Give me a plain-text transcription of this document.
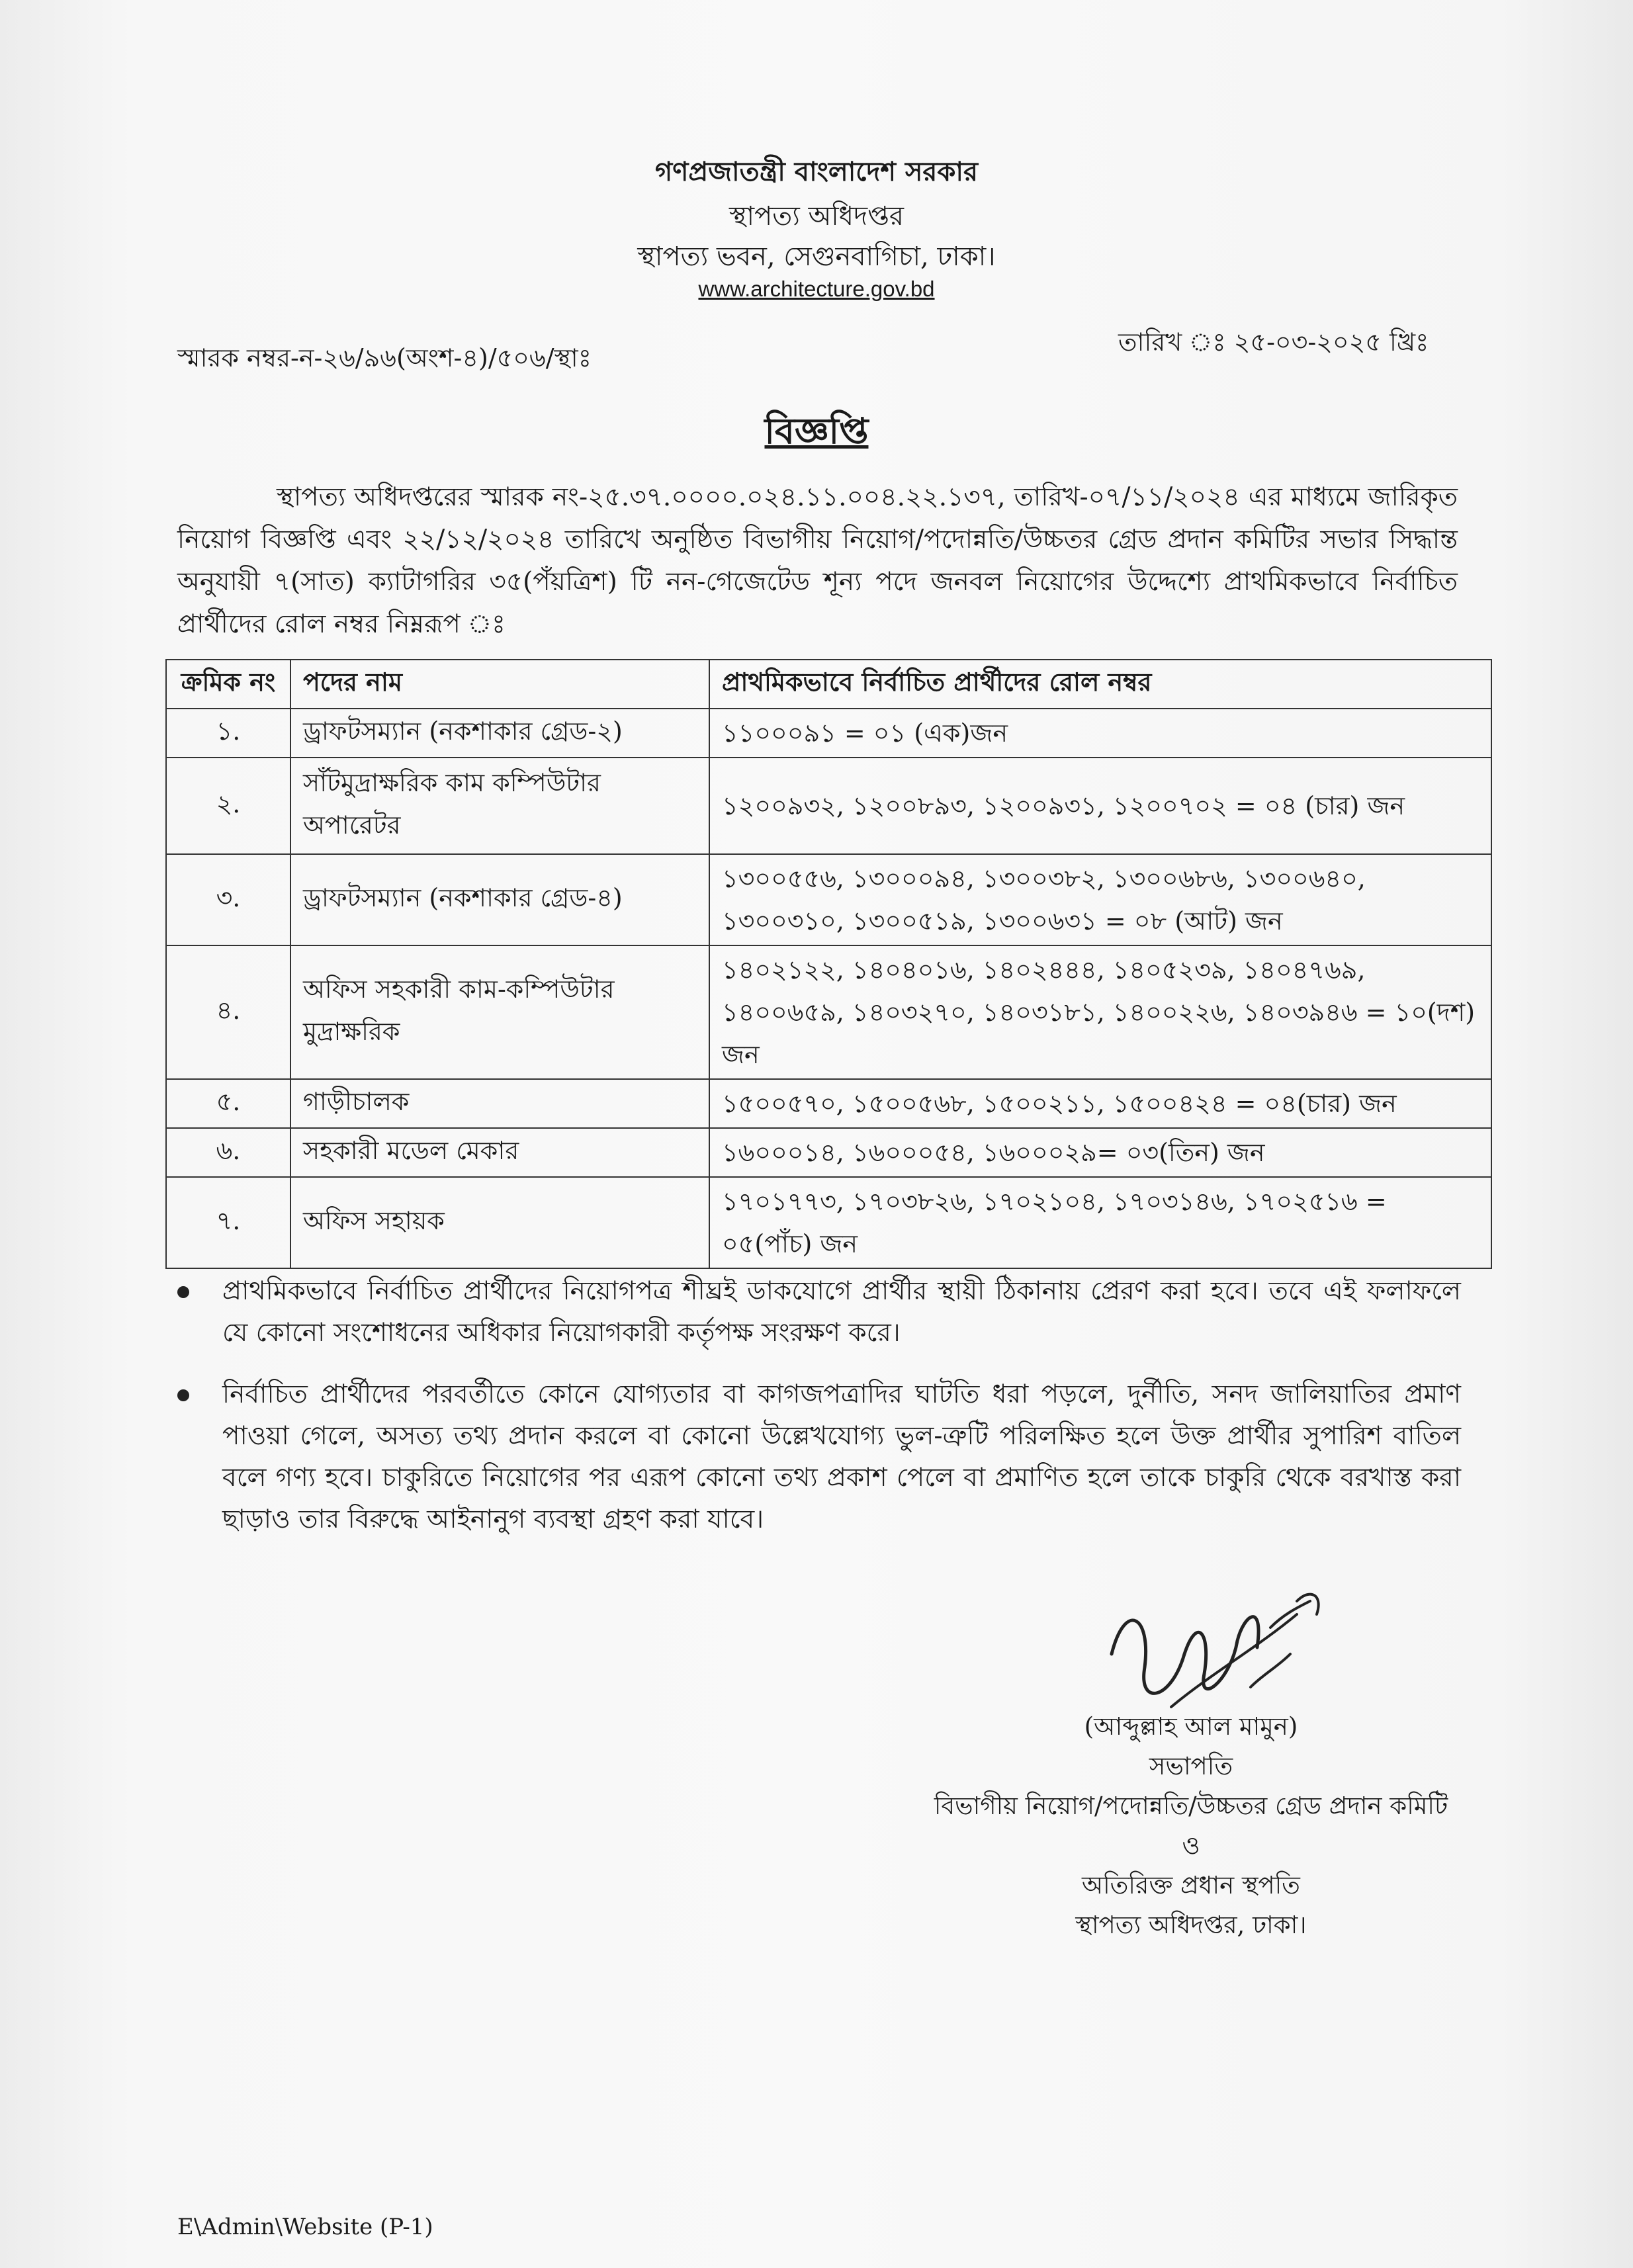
গণপ্রজাতন্ত্রী বাংলাদেশ সরকার
স্থাপত্য অধিদপ্তর
স্থাপত্য ভবন, সেগুনবাগিচা, ঢাকা।
www.architecture.gov.bd
স্মারক নম্বর-ন-২৬/৯৬(অংশ-৪)/৫০৬/স্থাঃ
তারিখ ঃ ২৫-০৩-২০২৫ খ্রিঃ
বিজ্ঞপ্তি
স্থাপত্য অধিদপ্তরের স্মারক নং-২৫.৩৭.০০০০.০২৪.১১.০০৪.২২.১৩৭, তারিখ-০৭/১১/২০২৪ এর মাধ্যমে জারিকৃত নিয়োগ বিজ্ঞপ্তি এবং ২২/১২/২০২৪ তারিখে অনুষ্ঠিত বিভাগীয় নিয়োগ/পদোন্নতি/উচ্চতর গ্রেড প্রদান কমিটির সভার সিদ্ধান্ত অনুযায়ী ৭(সাত) ক্যাটাগরির ৩৫(পঁয়ত্রিশ) টি নন-গেজেটেড শূন্য পদে জনবল নিয়োগের উদ্দেশ্যে প্রাথমিকভাবে নির্বাচিত প্রার্থীদের রোল নম্বর নিম্নরূপ ঃ
ক্রমিক নং	পদের নাম	প্রাথমিকভাবে নির্বাচিত প্রার্থীদের রোল নম্বর
১.	ড্রাফটসম্যান (নকশাকার গ্রেড-২)	১১০০০৯১ = ০১ (এক)জন
২.	সাঁটমুদ্রাক্ষরিক কাম কম্পিউটার অপারেটর	১২০০৯৩২, ১২০০৮৯৩, ১২০০৯৩১, ১২০০৭০২ = ০৪ (চার) জন
৩.	ড্রাফটসম্যান (নকশাকার গ্রেড-৪)	১৩০০৫৫৬, ১৩০০০৯৪, ১৩০০৩৮২, ১৩০০৬৮৬, ১৩০০৬৪০, ১৩০০৩১০, ১৩০০৫১৯, ১৩০০৬৩১ = ০৮ (আট) জন
৪.	অফিস সহকারী কাম-কম্পিউটার মুদ্রাক্ষরিক	১৪০২১২২, ১৪০৪০১৬, ১৪০২৪৪৪, ১৪০৫২৩৯, ১৪০৪৭৬৯, ১৪০০৬৫৯, ১৪০৩২৭০, ১৪০৩১৮১, ১৪০০২২৬, ১৪০৩৯৪৬ = ১০(দশ) জন
৫.	গাড়ীচালক	১৫০০৫৭০, ১৫০০৫৬৮, ১৫০০২১১, ১৫০০৪২৪ = ০৪(চার) জন
৬.	সহকারী মডেল মেকার	১৬০০০১৪, ১৬০০০৫৪, ১৬০০০২৯= ০৩(তিন) জন
৭.	অফিস সহায়ক	১৭০১৭৭৩, ১৭০৩৮২৬, ১৭০২১০৪, ১৭০৩১৪৬, ১৭০২৫১৬ = ০৫(পাঁচ) জন
প্রাথমিকভাবে নির্বাচিত প্রার্থীদের নিয়োগপত্র শীঘ্রই ডাকযোগে প্রার্থীর স্থায়ী ঠিকানায় প্রেরণ করা হবে। তবে এই ফলাফলে যে কোনো সংশোধনের অধিকার নিয়োগকারী কর্তৃপক্ষ সংরক্ষণ করে।
নির্বাচিত প্রার্থীদের পরবর্তীতে কোনে যোগ্যতার বা কাগজপত্রাদির ঘাটতি ধরা পড়লে, দুর্নীতি, সনদ জালিয়াতির প্রমাণ পাওয়া গেলে, অসত্য তথ্য প্রদান করলে বা কোনো উল্লেখযোগ্য ভুল-ত্রুটি পরিলক্ষিত হলে উক্ত প্রার্থীর সুপারিশ বাতিল বলে গণ্য হবে। চাকুরিতে নিয়োগের পর এরূপ কোনো তথ্য প্রকাশ পেলে বা প্রমাণিত হলে তাকে চাকুরি থেকে বরখাস্ত করা ছাড়াও তার বিরুদ্ধে আইনানুগ ব্যবস্থা গ্রহণ করা যাবে।
(আব্দুল্লাহ আল মামুন)
সভাপতি
বিভাগীয় নিয়োগ/পদোন্নতি/উচ্চতর গ্রেড প্রদান কমিটি
ও
অতিরিক্ত প্রধান স্থপতি
স্থাপত্য অধিদপ্তর, ঢাকা।
E\Admin\Website (P-1)
